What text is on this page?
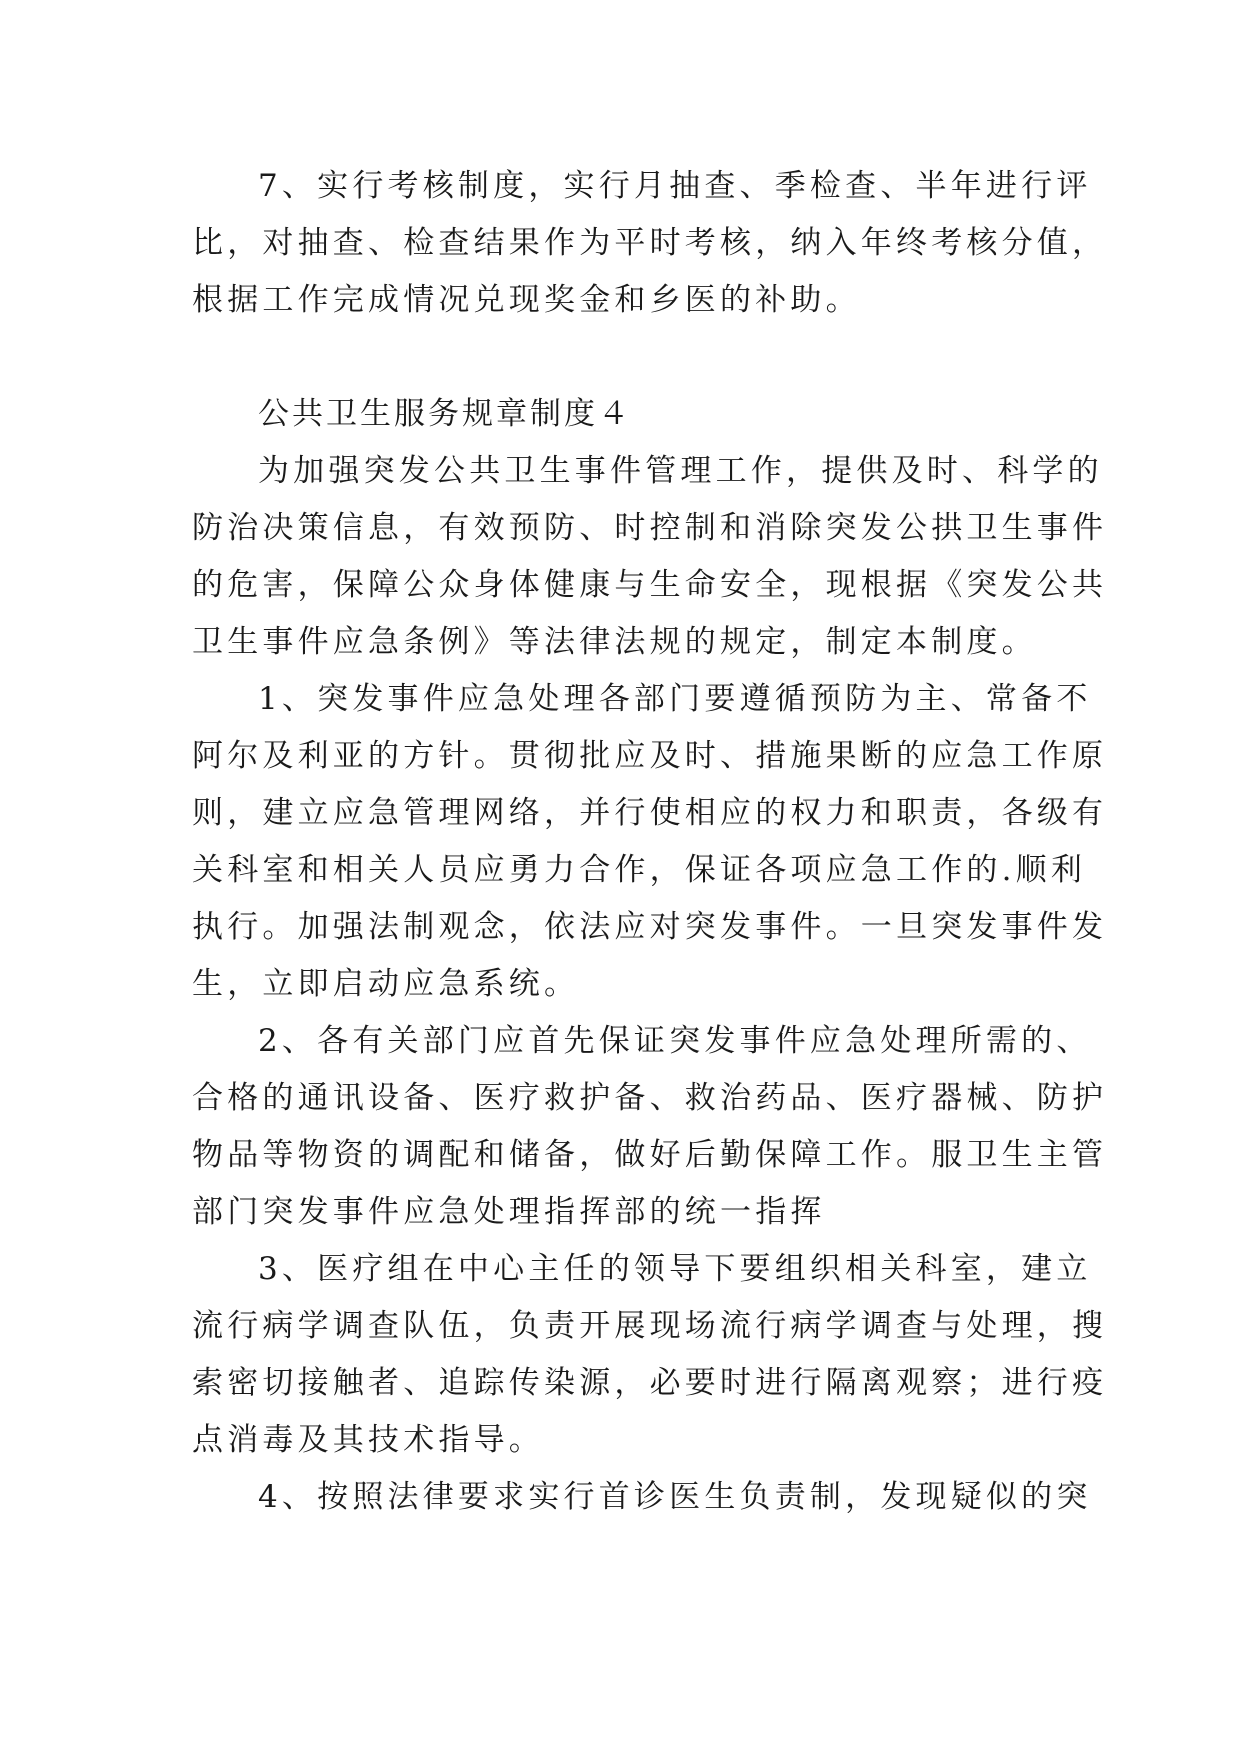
7、实行考核制度，实行月抽查、季检查、半年进行评
比，对抽查、检查结果作为平时考核，纳入年终考核分值，
根据工作完成情况兑现奖金和乡医的补助。
公共卫生服务规章制度４
为加强突发公共卫生事件管理工作，提供及时、科学的
防治决策信息，有效预防、时控制和消除突发公拱卫生事件
的危害，保障公众身体健康与生命安全，现根据《突发公共
卫生事件应急条例》等法律法规的规定，制定本制度。
1、突发事件应急处理各部门要遵循预防为主、常备不
阿尔及利亚的方针。贯彻批应及时、措施果断的应急工作原
则，建立应急管理网络，并行使相应的权力和职责，各级有
关科室和相关人员应勇力合作，保证各项应急工作的.顺利
执行。加强法制观念，依法应对突发事件。一旦突发事件发
生，立即启动应急系统。
2、各有关部门应首先保证突发事件应急处理所需的、
合格的通讯设备、医疗救护备、救治药品、医疗器械、防护
物品等物资的调配和储备，做好后勤保障工作。服卫生主管
部门突发事件应急处理指挥部的统一指挥
3、医疗组在中心主任的领导下要组织相关科室，建立
流行病学调查队伍，负责开展现场流行病学调查与处理，搜
索密切接触者、追踪传染源，必要时进行隔离观察；进行疫
点消毒及其技术指导。
4、按照法律要求实行首诊医生负责制，发现疑似的突
